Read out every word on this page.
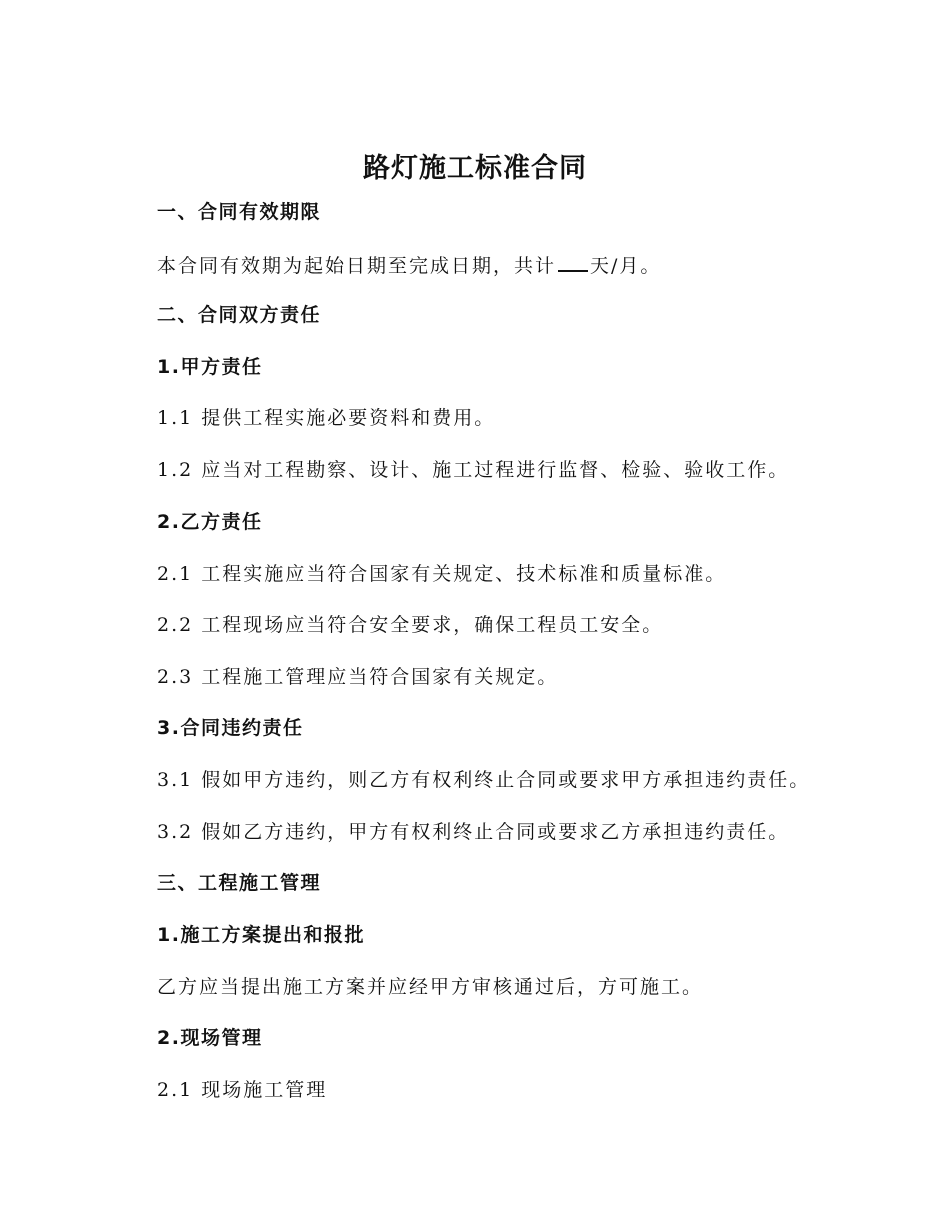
路灯施工标准合同
一、合同有效期限
本合同有效期为起始日期至完成日期，共计 天/月。
二、合同双方责任
1.甲方责任
1.1 提供工程实施必要资料和费用。
1.2 应当对工程勘察、设计、施工过程进行监督、检验、验收工作。
2.乙方责任
2.1 工程实施应当符合国家有关规定、技术标准和质量标准。
2.2 工程现场应当符合安全要求，确保工程员工安全。
2.3 工程施工管理应当符合国家有关规定。
3.合同违约责任
3.1 假如甲方违约，则乙方有权利终止合同或要求甲方承担违约责任。
3.2 假如乙方违约，甲方有权利终止合同或要求乙方承担违约责任。
三、工程施工管理
1.施工方案提出和报批
乙方应当提出施工方案并应经甲方审核通过后，方可施工。
2.现场管理
2.1 现场施工管理
